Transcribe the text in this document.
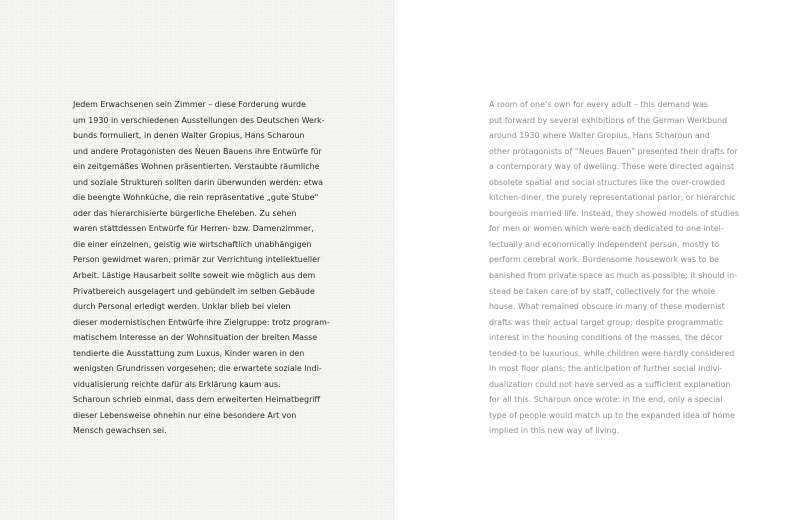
Jedem Erwachsenen sein Zimmer – diese Forderung wurde
um 1930 in verschiedenen Ausstellungen des Deutschen Werk-
bunds formuliert, in denen Walter Gropius, Hans Scharoun
und andere Protagonisten des Neuen Bauens ihre Entwürfe für
ein zeitgemäßes Wohnen präsentierten. Verstaubte räumliche
und soziale Strukturen sollten darin überwunden werden: etwa
die beengte Wohnküche, die rein repräsentative „gute Stube“
oder das hierarchisierte bürgerliche Eheleben. Zu sehen
waren stattdessen Entwürfe für Herren- bzw. Damenzimmer,
die einer einzelnen, geistig wie wirtschaftlich unabhängigen
Person gewidmet waren, primär zur Verrichtung intellektueller
Arbeit. Lästige Hausarbeit sollte soweit wie möglich aus dem
Privatbereich ausgelagert und gebündelt im selben Gebäude
durch Personal erledigt werden. Unklar blieb bei vielen
dieser modernistischen Entwürfe ihre Zielgruppe: trotz program-
matischem Interesse an der Wohnsituation der breiten Masse
tendierte die Ausstattung zum Luxus, Kinder waren in den
wenigsten Grundrissen vorgesehen; die erwartete soziale Indi-
vidualisierung reichte dafür als Erklärung kaum aus.
Scharoun schrieb einmal, dass dem erweiterten Heimatbegriff
dieser Lebensweise ohnehin nur eine besondere Art von
Mensch gewachsen sei.
A room of one’s own for every adult – this demand was
put forward by several exhibitions of the German Werkbund
around 1930 where Walter Gropius, Hans Scharoun and
other protagonists of “Neues Bauen” presented their drafts for
a contemporary way of dwelling. These were directed against
obsolete spatial and social structures like the over-crowded
kitchen-diner, the purely representational parlor, or hierarchic
bourgeois married life. Instead, they showed models of studies
for men or women which were each dedicated to one intel-
lectually and economically independent person, mostly to
perform cerebral work. Burdensome housework was to be
banished from private space as much as possible; it should in-
stead be taken care of by staff, collectively for the whole
house. What remained obscure in many of these modernist
drafts was their actual target group: despite programmatic
interest in the housing conditions of the masses, the décor
tended to be luxurious, while children were hardly considered
in most floor plans; the anticipation of further social indivi-
dualization could not have served as a sufficient explanation
for all this. Scharoun once wrote: in the end, only a special
type of people would match up to the expanded idea of home
implied in this new way of living.
